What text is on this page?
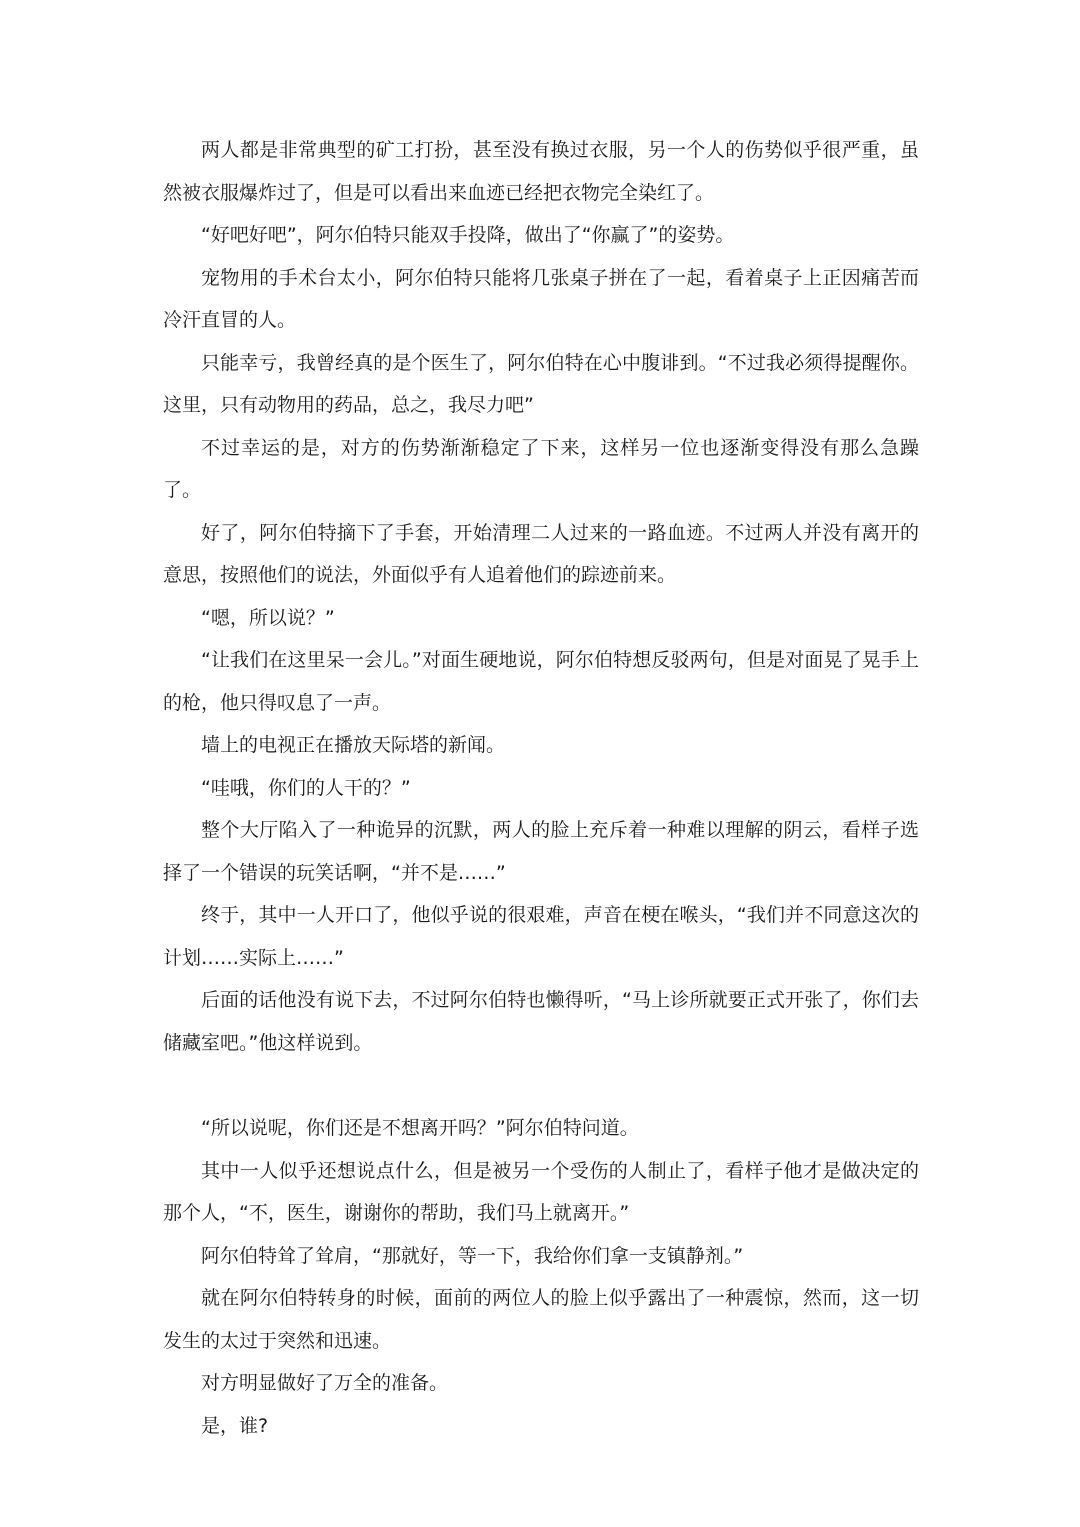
两人都是非常典型的矿工打扮，甚至没有换过衣服，另一个人的伤势似乎很严重，虽然被衣服爆炸过了，但是可以看出来血迹已经把衣物完全染红了。

“好吧好吧”，阿尔伯特只能双手投降，做出了“你赢了”的姿势。

宠物用的手术台太小，阿尔伯特只能将几张桌子拼在了一起，看着桌子上正因痛苦而冷汗直冒的人。

只能幸亏，我曾经真的是个医生了，阿尔伯特在心中腹诽到。“不过我必须得提醒你。这里，只有动物用的药品，总之，我尽力吧”

不过幸运的是，对方的伤势渐渐稳定了下来，这样另一位也逐渐变得没有那么急躁了。

好了，阿尔伯特摘下了手套，开始清理二人过来的一路血迹。不过两人并没有离开的意思，按照他们的说法，外面似乎有人追着他们的踪迹前来。

“嗯，所以说？”

“让我们在这里呆一会儿。”对面生硬地说，阿尔伯特想反驳两句，但是对面晃了晃手上的枪，他只得叹息了一声。

墙上的电视正在播放天际塔的新闻。

“哇哦，你们的人干的？”

整个大厅陷入了一种诡异的沉默，两人的脸上充斥着一种难以理解的阴云，看样子选择了一个错误的玩笑话啊，“并不是……”

终于，其中一人开口了，他似乎说的很艰难，声音在梗在喉头，“我们并不同意这次的计划……实际上……”

后面的话他没有说下去，不过阿尔伯特也懒得听，“马上诊所就要正式开张了，你们去储藏室吧。”他这样说到。

“所以说呢，你们还是不想离开吗？”阿尔伯特问道。

其中一人似乎还想说点什么，但是被另一个受伤的人制止了，看样子他才是做决定的那个人，“不，医生，谢谢你的帮助，我们马上就离开。”

阿尔伯特耸了耸肩，“那就好，等一下，我给你们拿一支镇静剂。”

就在阿尔伯特转身的时候，面前的两位人的脸上似乎露出了一种震惊，然而，这一切发生的太过于突然和迅速。

对方明显做好了万全的准备。

是，谁?
